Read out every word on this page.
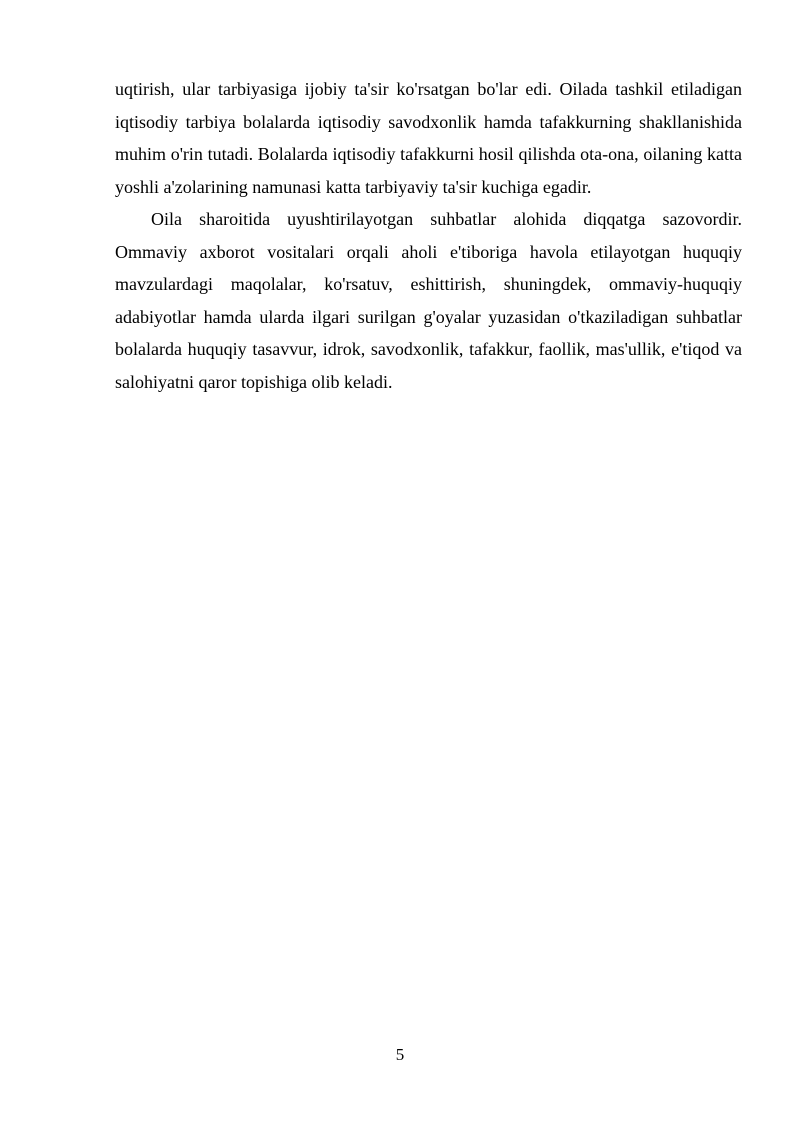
uqtirish, ular tarbiyasiga ijobiy ta'sir ko'rsatgan bo'lar edi. Oilada tashkil etiladigan iqtisodiy tarbiya bolalarda iqtisodiy savodxonlik hamda tafakkurning shakllanishida muhim o'rin tutadi. Bolalarda iqtisodiy tafakkurni hosil qilishda ota-ona, oilaning katta yoshli a'zolarining namunasi katta tarbiyaviy ta'sir kuchiga egadir.

Oila sharoitida uyushtirilayotgan suhbatlar alohida diqqatga sazovordir. Ommaviy axborot vositalari orqali aholi e'tiboriga havola etilayotgan huquqiy mavzulardagi maqolalar, ko'rsatuv, eshittirish, shuningdek, ommaviy-huquqiy adabiyotlar hamda ularda ilgari surilgan g'oyalar yuzasidan o'tkaziladigan suhbatlar bolalarda huquqiy tasavvur, idrok, savodxonlik, tafakkur, faollik, mas'ullik, e'tiqod va salohiyatni qaror topishiga olib keladi.

5
